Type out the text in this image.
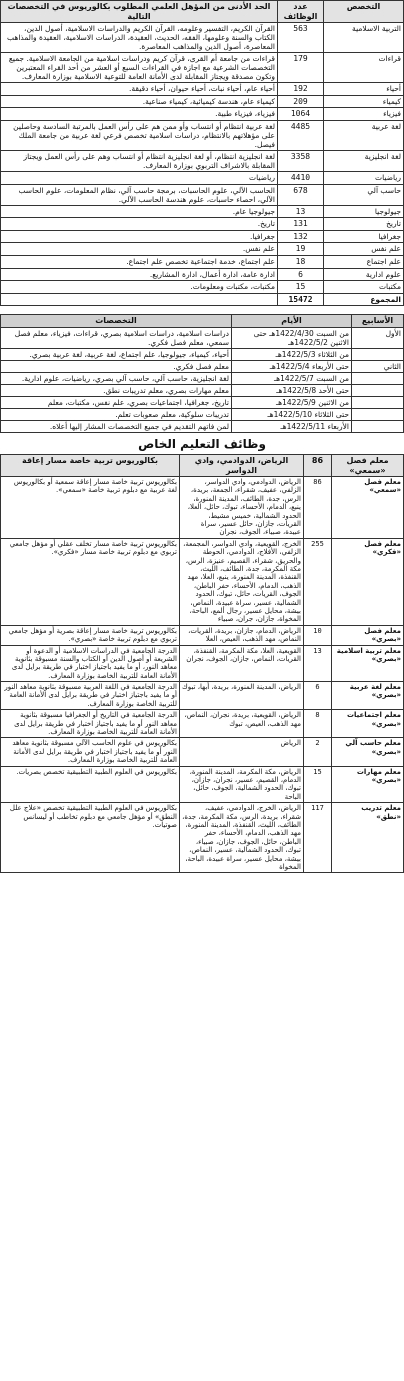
التخصص	عدد الوظائف	الحد الأدنى من المؤهل العلمي المطلوب بكالوريوس في التخصصات التالية
التربية الاسلامية	563	القرآن الكريم، التفسير وعلومه، القرآن الكريم والدراسات الاسلامية، أصول الدين، الكتاب والسنة وعلومها، الفقه، الحديث، العقيدة، الدراسات الاسلامية، العقيدة والمذاهب المعاصرة، أصول الدين والمذاهب المعاصرة.
قراءات	179	قراءات من جامعة أم القرى، قرآن كريم ودراسات اسلامية من الجامعة الاسلامية. جميع التخصصات الشرعية مع اجازة في القراءات السبع أو العشر من أحد القراء المعتبرين وتكون مصدقة ويجتاز المقابلة لدى الأمانة العامة للتوعية الاسلامية بوزارة المعارف.
أحياء	192	أحياء عام، أحياء نبات، أحياء حيوان، أحياء دقيقة.
كيمياء	209	كيمياء عام، هندسة كيميائية، كيمياء صناعية.
فيزياء	1064	فيزياء، فيزياء طبية.
لغة عربية	4485	لغة عربية انتظام أو انتساب وأو ممن هم على رأس العمل بالمرتبة السادسة وحاصلين على مؤهلاتهم بالانتظام، دراسات اسلامية تخصص فرعي لغة عربية من جامعة الملك فيصل.
لغة انجليزية	3358	لغة انجليزية انتظام، أو لغة انجليزية انتظام أو انتساب وهم على رأس العمل ويجتاز المقابلة بالاشراف التربوي بوزارة المعارف.
رياضيات	4410	رياضيات
حاسب آلي	678	الحاسب الآلي، علوم الحاسبات، برمجة حاسب آلي، نظام المعلومات، علوم الحاسب الآلي، احصاء حاسبات، علوم هندسة الحاسب الآلي.
جيولوجيا	13	جيولوجيا عام.
تاريخ	131	تاريخ.
جغرافيا	132	جغرافيا.
علم نفس	19	علم نفس.
علم اجتماع	18	علم اجتماع، خدمة اجتماعية تخصص علم اجتماع.
علوم ادارية	6	ادارة عامة، ادارة أعمال، ادارة المشاريع.
مكتبات	15	مكتبات، مكتبات ومعلومات.
المجموع	15472	
الأسابيع	الأيام	التخصصات
الأول	من السبت 1422/4/30هـ حتى الاثنين 1422/5/2هـ	دراسات اسلامية، دراسات اسلامية بصري، قراءات، فيزياء، معلم فصل سمعي، معلم فصل فكري.
	من الثلاثاء 1422/5/3هـ	أحياء، كيمياء، جيولوجيا، علم اجتماع، لغة عربية، لغة عربية بصري.
الثاني	حتى الأربعاء 1422/5/4هـ	معلم فصل فكري.
	من السبت 1422/5/7هـ	لغة انجليزية، حاسب آلي، حاسب آلي بصري، رياضيات، علوم ادارية.
	حتى الأحد 1422/5/8هـ	معلم مهارات بصري، معلم تدريبات نطق.
	من الاثنين 1422/5/9هـ	تاريخ، جغرافيا، اجتماعيات بصري، علم نفس، مكتبات، معلم
	حتى الثلاثاء 1422/5/10هـ	تدريبات سلوكية، معلم صعوبات تعلم.
	الأربعاء 1422/5/11هـ	لمن فاتهم التقديم في جميع التخصصات المشار إليها أعلاه.
وظائف التعليم الخاص
معلم فصل «سمعي»	86	الرياض، الدوادمي، وادي الدواسر	بكالوريوس تربية خاصة مسار إعاقة
معلم فصل «سمعي»	86	الرياض، الدوادمي، وادي الدواسر، الزلفي، عفيف، شقراء، الجمعة، بريدة، الرس، جدة، الطائف، المدينة المنورة، ينبع، الدمام، الأحساء، تبوك، حائل، العلا، الحدود الشمالية، خميس مشيط، القريات، جازان، حائل عسير، سراة عبيدة، صبياء، الجوف، نجران	بكالوريوس تربية خاصة مسار إعاقة سمعية أو بكالوريوس لغة عربية مع دبلوم تربية خاصة «سمعي».
معلم فصل «فكري»	255	الخرج، القويعية، وادي الدواسر، المجمعة، الزلفي، الأفلاج، الدوادمي، الحوطة والحريق، شقراء، القصيم، عنيزة، الرس، مكة المكرمة، جدة، الطائف، الليث، القنفذة، المدينة المنورة، ينبع، العلا، مهد الذهب، الدمام، الأحساء، حفر الباطن، الجوف، القريات، حائل، تبوك، الحدود الشمالية، عسير، سراة عبيدة، النماص، بيشة، محايل عسير، رجال ألمع، الباحة، المخواة، جازان، جران، صبياء	بكالوريوس تربية خاصة مسار تخلف عقلي أو مؤهل جامعي تربوي مع دبلوم تربية خاصة مسار «فكري».
معلم فصل «بصري»	10	الرياض، الدمام، جازان، بريدة، القريات، النماص، مهد الذهب، العيص، العلا	بكالوريوس تربية خاصة مسار إعاقة بصرية أو مؤهل جامعي تربوي مع دبلوم تربية خاصة «بصري».
معلم تربية اسلامية «بصري»	13	القويعية، العلا، مكة المكرمة، القنفذة، القريات، النماص، جازان، الجوف، نجران	الدرجة الجامعية في الدراسات الاسلامية أو الدعوة أو الشريعة أو أصول الدين أو الكتاب والسنة مسبوقة بثانوية معاهد النور، أو ما يفيد باجتياز اختبار في طريقة برايل لدى الأمانة العامة للتربية الخاصة بوزارة المعارف.
معلم لغة عربية «بصري»	6	الرياض، المدينة المنورة، بريدة، أبها، تبوك	الدرجة الجامعية في اللغة العربية مسبوقة بثانوية معاهد النور أو ما يفيد باجتياز اختبار في طريقة برايل لدى الأمانة العامة للتربية الخاصة بوزارة المعارف.
معلم اجتماعيات «بصري»	8	الرياض، القويعية، بريدة، نجران، النماص، مهد الذهب، العيص، تبوك	الدرجة الجامعية في التاريخ أو الجغرافيا مسبوقة بثانوية معاهد النور أو ما يفيد باجتياز اختبار في طريقة برايل لدى الأمانة العامة للتربية الخاصة بوزارة المعارف.
معلم حاسب آلي «بصري»	2	الرياض	بكالوريوس في علوم الحاسب الآلي مسبوقة بثانوية معاهد النور أو ما يفيد باجتياز اختبار في طريقة برايل لدى الأمانة العامة للتربية الخاصة بوزارة المعارف.
معلم مهارات «بصري»	15	الرياض، مكة المكرمة، المدينة المنورة، الدمام، القصيم، عسير، نجران، جازان، تبوك، الحدود الشمالية، الجوف، حائل، الباحة	بكالوريوس في العلوم الطبية التطبيقية تخصص بصريات.
معلم تدريب «نطق»	117	الرياض، الخرج، الدوادمي، عفيف، شقراء، بريدة، الرس، مكة المكرمة، جدة، الطائف، الليث، القنفذة، المدينة المنورة، مهد الذهب، الدمام، الأحساء، حفر الباطن، حائل، الجوف، جازان، صبياء، تبوك، الحدود الشمالية، عسير، النماص، بيشة، محايل عسير، سراة عبيدة، الباحة، المخواة	بكالوريوس في العلوم الطبية التطبيقية تخصص «علاج علل النطق» أو مؤهل جامعي مع دبلوم تخاطب أو ليسانس صوتيات.
